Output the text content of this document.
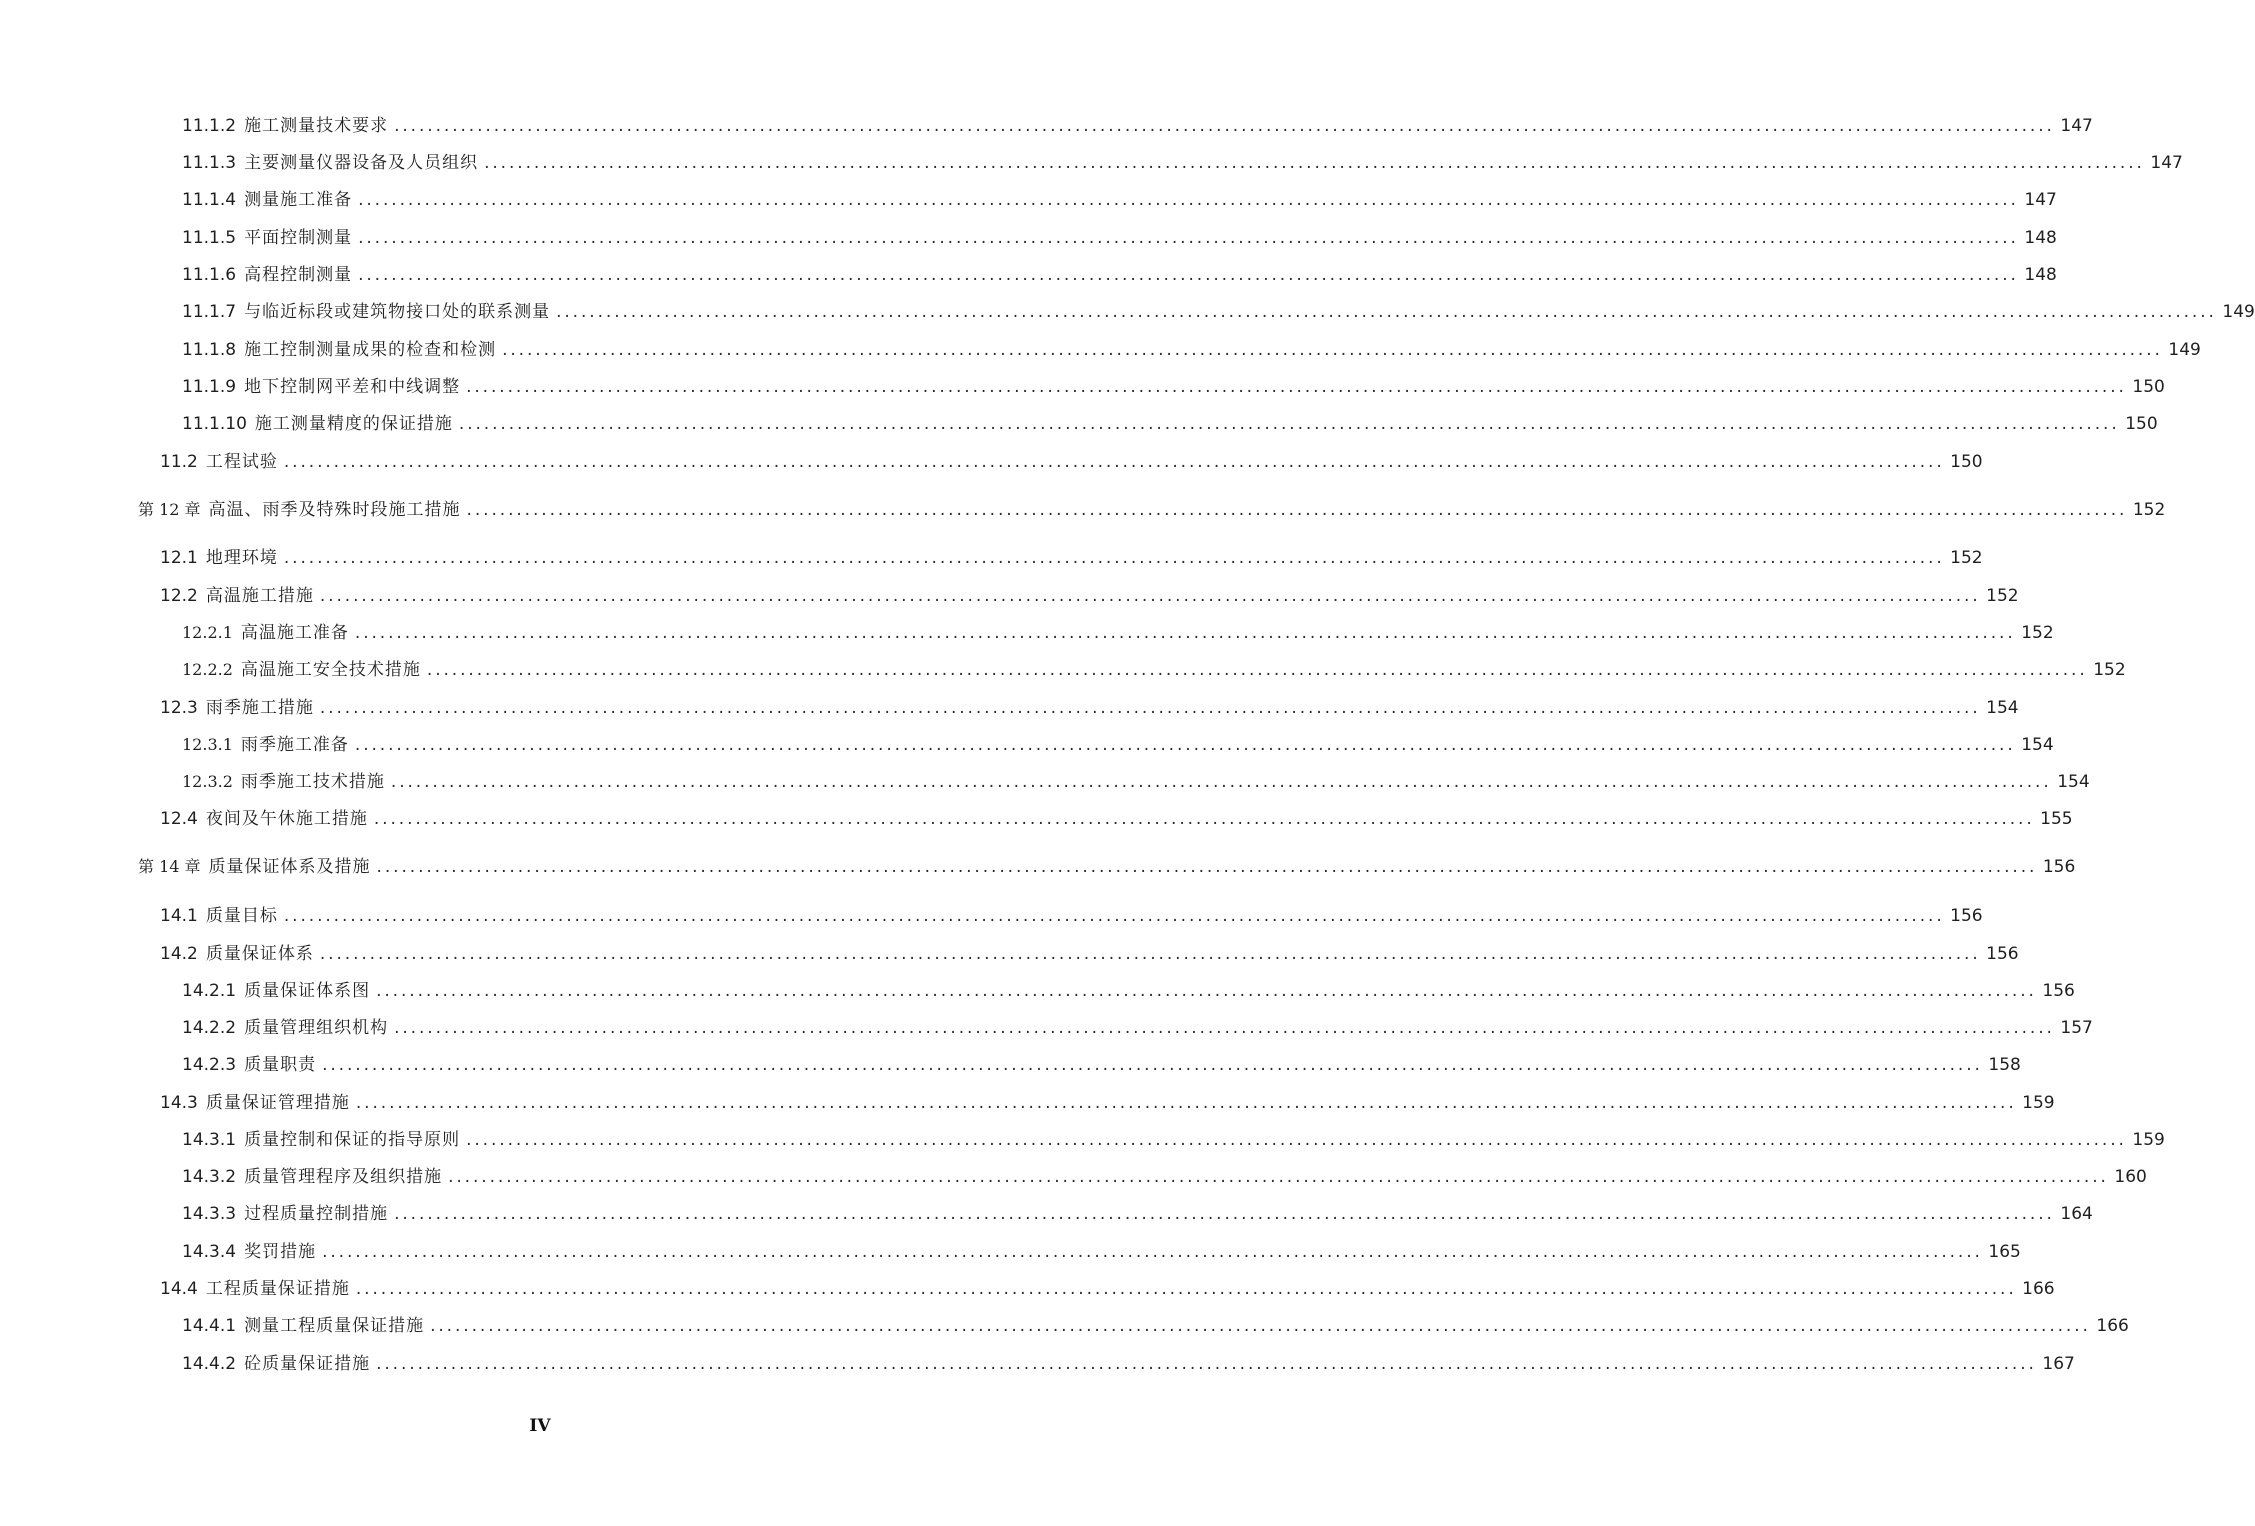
11.1.2 施工测量技术要求 ........................................................................................................................................................................................................ 147
11.1.3 主要测量仪器设备及人员组织 ........................................................................................................................................................................................................ 147
11.1.4 测量施工准备 ........................................................................................................................................................................................................ 147
11.1.5 平面控制测量 ........................................................................................................................................................................................................ 148
11.1.6 高程控制测量 ........................................................................................................................................................................................................ 148
11.1.7 与临近标段或建筑物接口处的联系测量 ........................................................................................................................................................................................................ 149
11.1.8 施工控制测量成果的检查和检测 ........................................................................................................................................................................................................ 149
11.1.9 地下控制网平差和中线调整 ........................................................................................................................................................................................................ 150
11.1.10 施工测量精度的保证措施 ........................................................................................................................................................................................................ 150
11.2 工程试验 ........................................................................................................................................................................................................ 150
第 12 章 高温、雨季及特殊时段施工措施 ........................................................................................................................................................................................................ 152
12.1 地理环境 ........................................................................................................................................................................................................ 152
12.2 高温施工措施 ........................................................................................................................................................................................................ 152
12.2.1 高温施工准备 ........................................................................................................................................................................................................ 152
12.2.2 高温施工安全技术措施 ........................................................................................................................................................................................................ 152
12.3 雨季施工措施 ........................................................................................................................................................................................................ 154
12.3.1 雨季施工准备 ........................................................................................................................................................................................................ 154
12.3.2 雨季施工技术措施 ........................................................................................................................................................................................................ 154
12.4 夜间及午休施工措施 ........................................................................................................................................................................................................ 155
第 14 章 质量保证体系及措施 ........................................................................................................................................................................................................ 156
14.1 质量目标 ........................................................................................................................................................................................................ 156
14.2 质量保证体系 ........................................................................................................................................................................................................ 156
14.2.1 质量保证体系图 ........................................................................................................................................................................................................ 156
14.2.2 质量管理组织机构 ........................................................................................................................................................................................................ 157
14.2.3 质量职责 ........................................................................................................................................................................................................ 158
14.3 质量保证管理措施 ........................................................................................................................................................................................................ 159
14.3.1 质量控制和保证的指导原则 ........................................................................................................................................................................................................ 159
14.3.2 质量管理程序及组织措施 ........................................................................................................................................................................................................ 160
14.3.3 过程质量控制措施 ........................................................................................................................................................................................................ 164
14.3.4 奖罚措施 ........................................................................................................................................................................................................ 165
14.4 工程质量保证措施 ........................................................................................................................................................................................................ 166
14.4.1 测量工程质量保证措施 ........................................................................................................................................................................................................ 166
14.4.2 砼质量保证措施 ........................................................................................................................................................................................................ 167
IV
